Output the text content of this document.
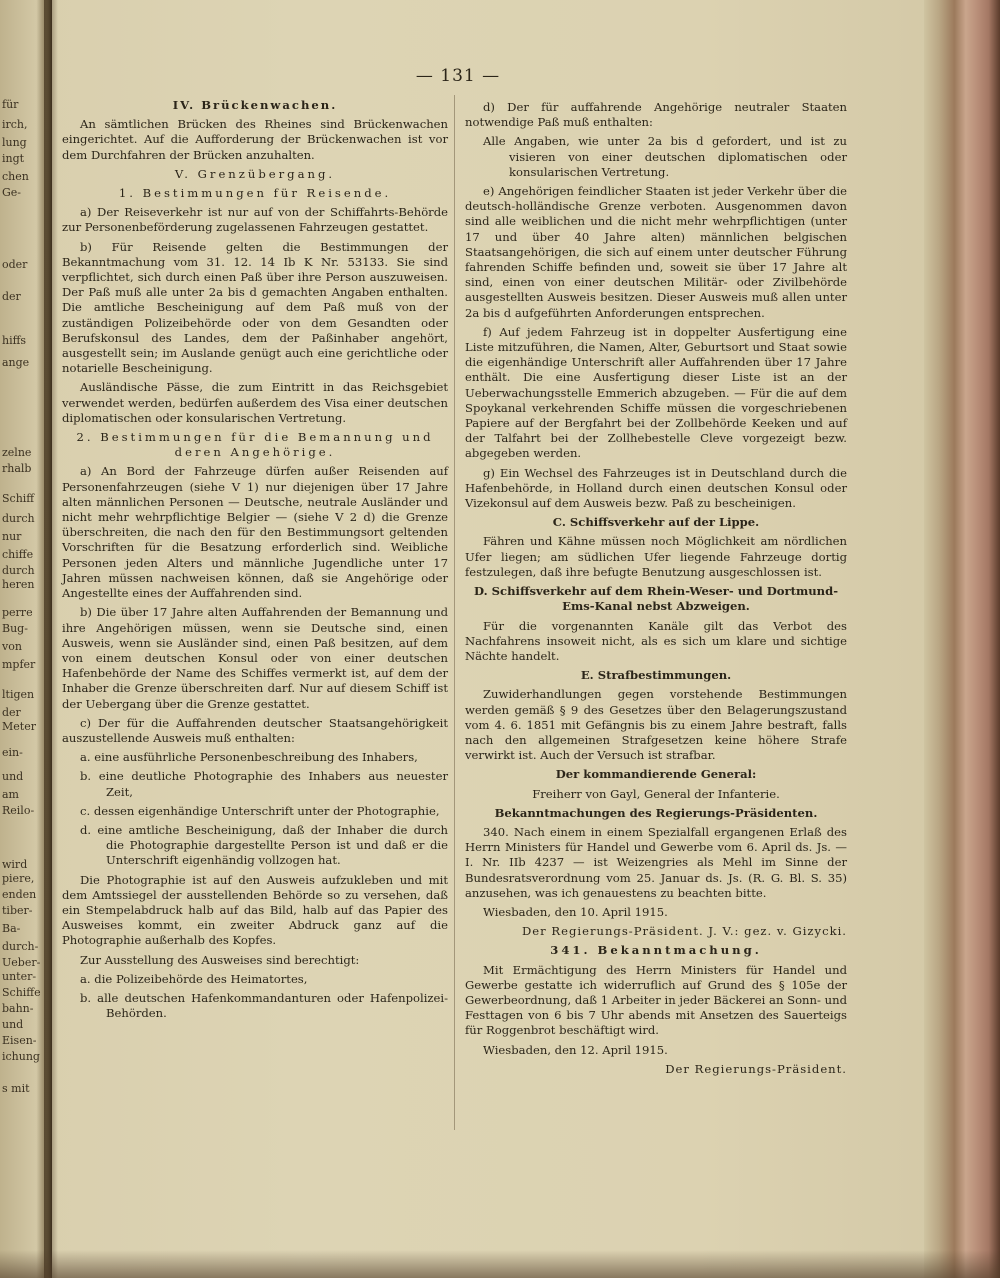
für
irch,
lung
ingt
chen
Ge-
oder
der
hiffs
ange
zelne
rhalb
Schiff
durch
nur
chiffe
durch
heren
perre
Bug-
von
mpfer
ltigen
der
Meter
ein-
und
am
Reilo-
wird
piere,
enden
tiber-
Ba-
durch-
Ueber-
unter-
Schiffe
bahn-
und
Eisen-
ichung
s mit
— 131 —

IV. Brückenwachen.

An sämtlichen Brücken des Rheines sind Brückenwachen eingerichtet. Auf die Aufforderung der Brückenwachen ist vor dem Durchfahren der Brücken anzuhalten.

V. Grenzübergang.

1. Bestimmungen für Reisende.

a) Der Reiseverkehr ist nur auf von der Schiffahrts-Behörde zur Personenbeförderung zugelassenen Fahrzeugen gestattet.

b) Für Reisende gelten die Bestimmungen der Bekanntmachung vom 31. 12. 14 Ib K Nr. 53133. Sie sind verpflichtet, sich durch einen Paß über ihre Person auszuweisen. Der Paß muß alle unter 2a bis d gemachten Angaben enthalten. Die amtliche Bescheinigung auf dem Paß muß von der zuständigen Polizeibehörde oder von dem Gesandten oder Berufskonsul des Landes, dem der Paßinhaber angehört, ausgestellt sein; im Auslande genügt auch eine gerichtliche oder notarielle Bescheinigung.

Ausländische Pässe, die zum Eintritt in das Reichsgebiet verwendet werden, bedürfen außerdem des Visa einer deutschen diplomatischen oder konsularischen Vertretung.

2. Bestimmungen für die Bemannung und deren Angehörige.

a) An Bord der Fahrzeuge dürfen außer Reisenden auf Personenfahrzeugen (siehe V 1) nur diejenigen über 17 Jahre alten männlichen Personen — Deutsche, neutrale Ausländer und nicht mehr wehrpflichtige Belgier — (siehe V 2 d) die Grenze überschreiten, die nach den für den Bestimmungsort geltenden Vorschriften für die Besatzung erforderlich sind. Weibliche Personen jeden Alters und männliche Jugendliche unter 17 Jahren müssen nachweisen können, daß sie Angehörige oder Angestellte eines der Auffahrenden sind.

b) Die über 17 Jahre alten Auffahrenden der Bemannung und ihre Angehörigen müssen, wenn sie Deutsche sind, einen Ausweis, wenn sie Ausländer sind, einen Paß besitzen, auf dem von einem deutschen Konsul oder von einer deutschen Hafenbehörde der Name des Schiffes vermerkt ist, auf dem der Inhaber die Grenze überschreiten darf. Nur auf diesem Schiff ist der Uebergang über die Grenze gestattet.

c) Der für die Auffahrenden deutscher Staatsangehörigkeit auszustellende Ausweis muß enthalten:

a. eine ausführliche Personenbeschreibung des Inhabers,

b. eine deutliche Photographie des Inhabers aus neuester Zeit,

c. dessen eigenhändige Unterschrift unter der Photographie,

d. eine amtliche Bescheinigung, daß der Inhaber die durch die Photographie dargestellte Person ist und daß er die Unterschrift eigenhändig vollzogen hat.

Die Photographie ist auf den Ausweis aufzukleben und mit dem Amtssiegel der ausstellenden Behörde so zu versehen, daß ein Stempelabdruck halb auf das Bild, halb auf das Papier des Ausweises kommt, ein zweiter Abdruck ganz auf die Photographie außerhalb des Kopfes.

Zur Ausstellung des Ausweises sind berechtigt:

a. die Polizeibehörde des Heimatortes,

b. alle deutschen Hafenkommandanturen oder Hafenpolizei-Behörden.

d) Der für auffahrende Angehörige neutraler Staaten notwendige Paß muß enthalten:

Alle Angaben, wie unter 2a bis d gefordert, und ist zu visieren von einer deutschen diplomatischen oder konsularischen Vertretung.

e) Angehörigen feindlicher Staaten ist jeder Verkehr über die deutsch-holländische Grenze verboten. Ausgenommen davon sind alle weiblichen und die nicht mehr wehrpflichtigen (unter 17 und über 40 Jahre alten) männlichen belgischen Staatsangehörigen, die sich auf einem unter deutscher Führung fahrenden Schiffe befinden und, soweit sie über 17 Jahre alt sind, einen von einer deutschen Militär- oder Zivilbehörde ausgestellten Ausweis besitzen. Dieser Ausweis muß allen unter 2a bis d aufgeführten Anforderungen entsprechen.

f) Auf jedem Fahrzeug ist in doppelter Ausfertigung eine Liste mitzuführen, die Namen, Alter, Geburtsort und Staat sowie die eigenhändige Unterschrift aller Auffahrenden über 17 Jahre enthält. Die eine Ausfertigung dieser Liste ist an der Ueberwachungsstelle Emmerich abzugeben. — Für die auf dem Spoykanal verkehrenden Schiffe müssen die vorgeschriebenen Papiere auf der Bergfahrt bei der Zollbehörde Keeken und auf der Talfahrt bei der Zollhebestelle Cleve vorgezeigt bezw. abgegeben werden.

g) Ein Wechsel des Fahrzeuges ist in Deutschland durch die Hafenbehörde, in Holland durch einen deutschen Konsul oder Vizekonsul auf dem Ausweis bezw. Paß zu bescheinigen.

C. Schiffsverkehr auf der Lippe.

Fähren und Kähne müssen noch Möglichkeit am nördlichen Ufer liegen; am südlichen Ufer liegende Fahrzeuge dortig festzulegen, daß ihre befugte Benutzung ausgeschlossen ist.

D. Schiffsverkehr auf dem Rhein-Weser- und Dortmund-Ems-Kanal nebst Abzweigen.

Für die vorgenannten Kanäle gilt das Verbot des Nachfahrens insoweit nicht, als es sich um klare und sichtige Nächte handelt.

E. Strafbestimmungen.

Zuwiderhandlungen gegen vorstehende Bestimmungen werden gemäß § 9 des Gesetzes über den Belagerungszustand vom 4. 6. 1851 mit Gefängnis bis zu einem Jahre bestraft, falls nach den allgemeinen Strafgesetzen keine höhere Strafe verwirkt ist. Auch der Versuch ist strafbar.

Der kommandierende General:

Freiherr von Gayl, General der Infanterie.

Bekanntmachungen des Regierungs-Präsidenten.

340. Nach einem in einem Spezialfall ergangenen Erlaß des Herrn Ministers für Handel und Gewerbe vom 6. April ds. Js. — I. Nr. IIb 4237 — ist Weizengries als Mehl im Sinne der Bundesratsverordnung vom 25. Januar ds. Js. (R. G. Bl. S. 35) anzusehen, was ich genauestens zu beachten bitte.

Wiesbaden, den 10. April 1915.

Der Regierungs-Präsident. J. V.: gez. v. Gizycki.

341. Bekanntmachung.

Mit Ermächtigung des Herrn Ministers für Handel und Gewerbe gestatte ich widerruflich auf Grund des § 105e der Gewerbeordnung, daß 1 Arbeiter in jeder Bäckerei an Sonn- und Festtagen von 6 bis 7 Uhr abends mit Ansetzen des Sauerteigs für Roggenbrot beschäftigt wird.

Wiesbaden, den 12. April 1915.

Der Regierungs-Präsident.
